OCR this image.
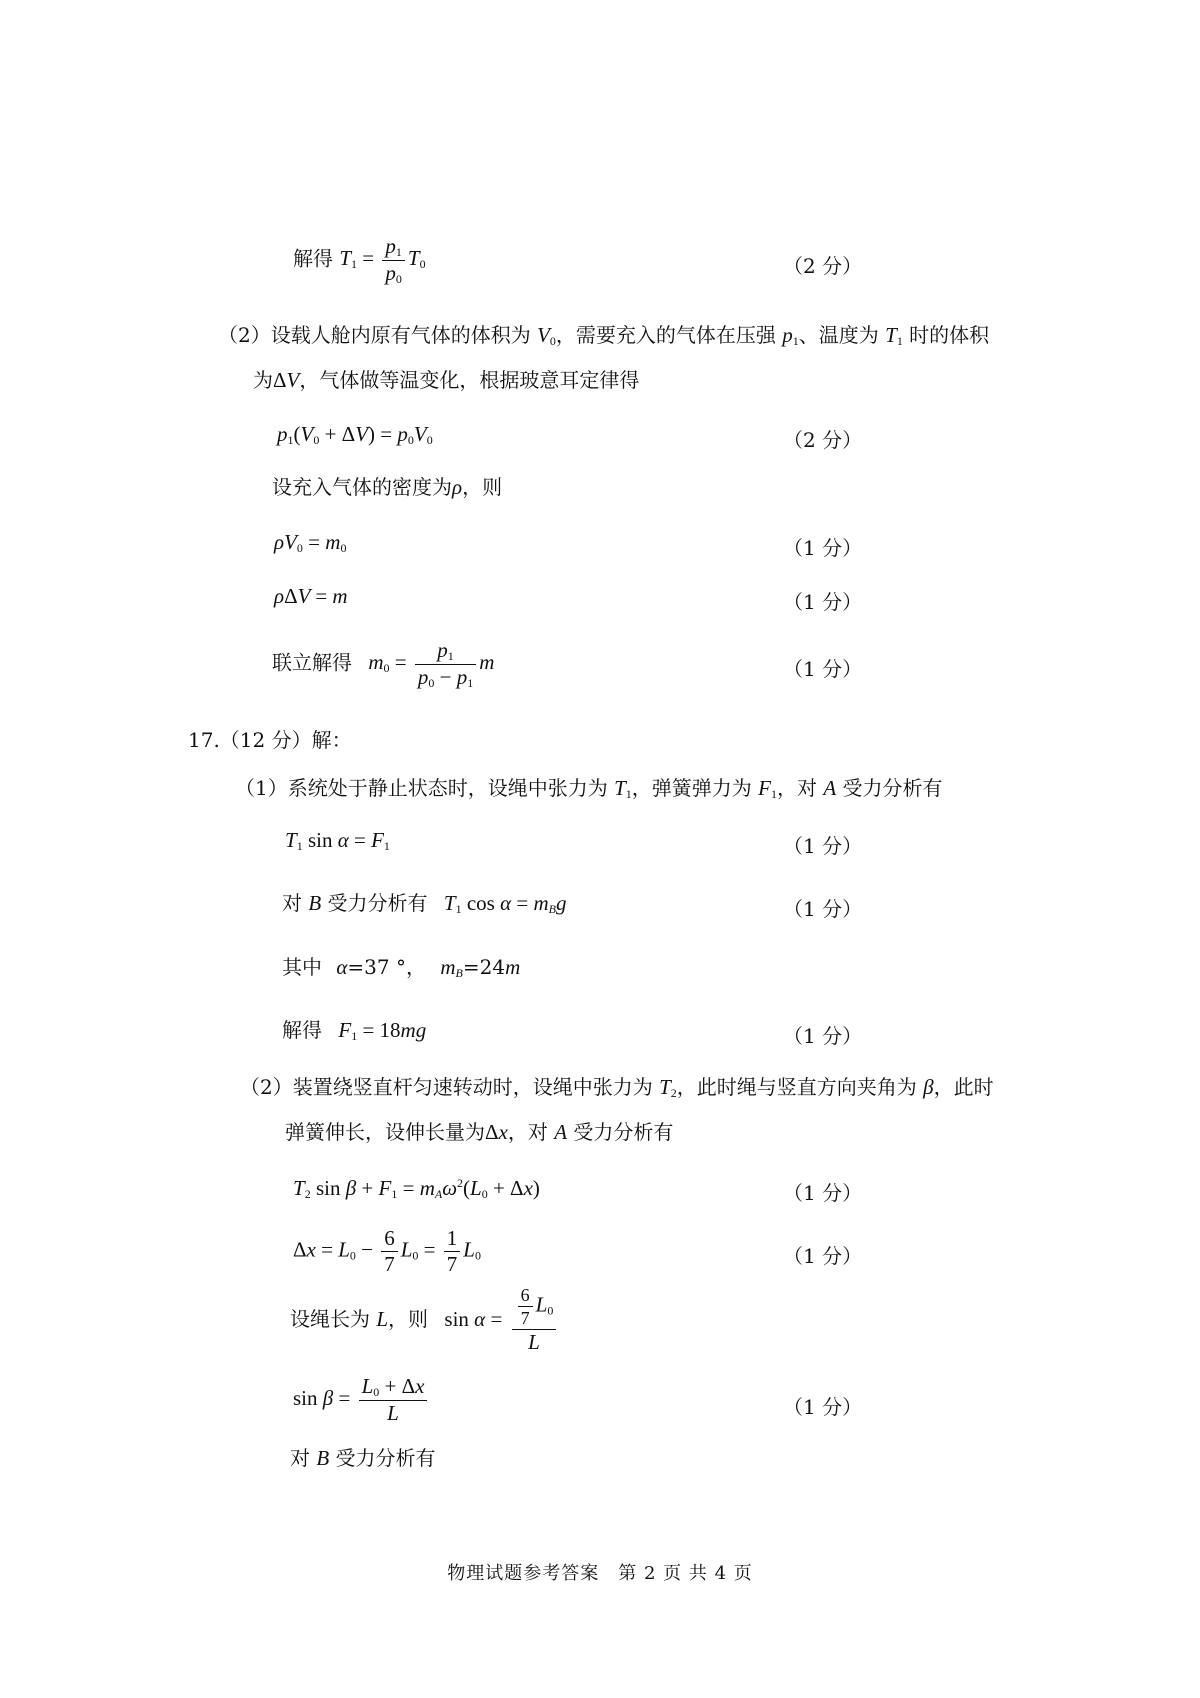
解得 $T_1 = \frac{p_1}{p_0} T_0$	（2 分）
（2）设载人舱内原有气体的体积为 $V_0$，需要充入的气体在压强 $p_1$、温度为 $T_1$ 时的体积
为ΔV，气体做等温变化，根据玻意耳定律得
$p_1(V_0 + \Delta V) = p_0V_0$	（2 分）
设充入气体的密度为ρ，则
$\rho V_0 = m_0$	（1 分）
ρΔV = m	（1 分）
联立解得 $m_0 = \frac{p_1}{p_0 - p_1}$ m	（1 分）
17.（12 分）解：
（1）系统处于静止状态时，设绳中张力为 $T_1$，弹簧弹力为 $F_1$，对 A 受力分析有
$T_1$ $\sin \alpha = F_1$	（1 分）
对 B 受力分析有 $T_1$ $\cos \alpha = m_Bg$	（1 分）
其中 α=37 °， $m_B=24m$
解得 $F_1 = 18mg$	（1 分）
（2）装置绕竖直杆匀速转动时，设绳中张力为 $T_2$，此时绳与竖直方向夹角为 β，此时
弹簧伸长，设伸长量为Δx，对 A 受力分析有
$T_2$ $\sin \beta + F_1 = m_A\omega^2(L_0 + \Delta x)$	（1 分）
$\Delta x = L_0 - \frac{6}{7} L_0 = \frac{1}{7} L_0$	（1 分）
设绳长为 L，则 $\sin \alpha = \frac{\frac{6}{7} L_0}{L}$
$\sin \beta = \frac{L_0 + \Delta x}{L}$	（1 分）
对 B 受力分析有
物理试题参考答案　第 2 页 共 4 页
